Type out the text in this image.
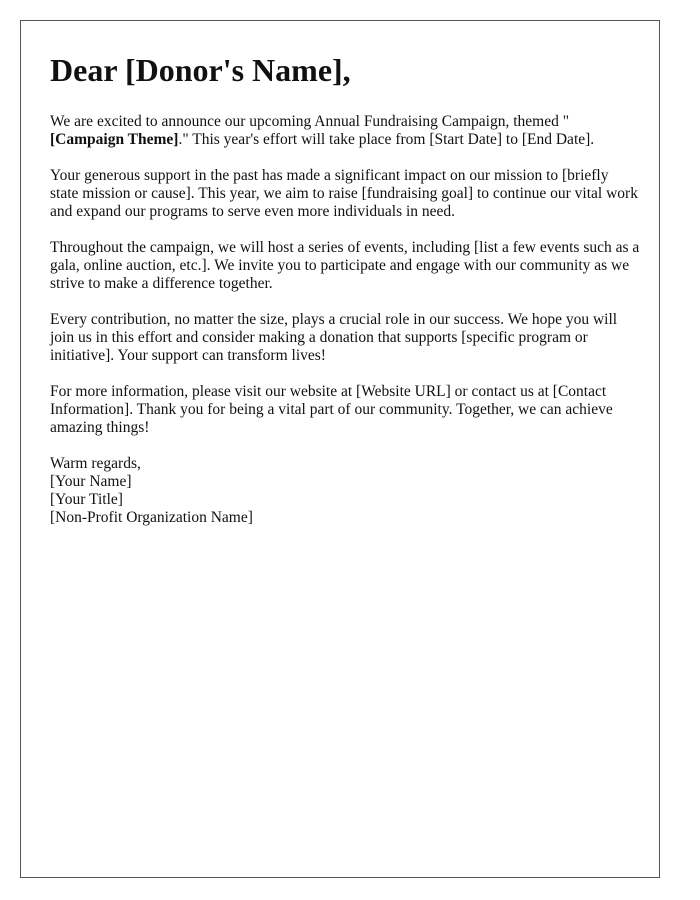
Dear [Donor's Name],

We are excited to announce our upcoming Annual Fundraising Campaign, themed "[Campaign Theme]." This year's effort will take place from [Start Date] to [End Date].

Your generous support in the past has made a significant impact on our mission to [briefly state mission or cause]. This year, we aim to raise [fundraising goal] to continue our vital work and expand our programs to serve even more individuals in need.

Throughout the campaign, we will host a series of events, including [list a few events such as a gala, online auction, etc.]. We invite you to participate and engage with our community as we strive to make a difference together.

Every contribution, no matter the size, plays a crucial role in our success. We hope you will join us in this effort and consider making a donation that supports [specific program or initiative]. Your support can transform lives!

For more information, please visit our website at [Website URL] or contact us at [Contact Information]. Thank you for being a vital part of our community. Together, we can achieve amazing things!

Warm regards,
[Your Name]
[Your Title]
[Non-Profit Organization Name]
